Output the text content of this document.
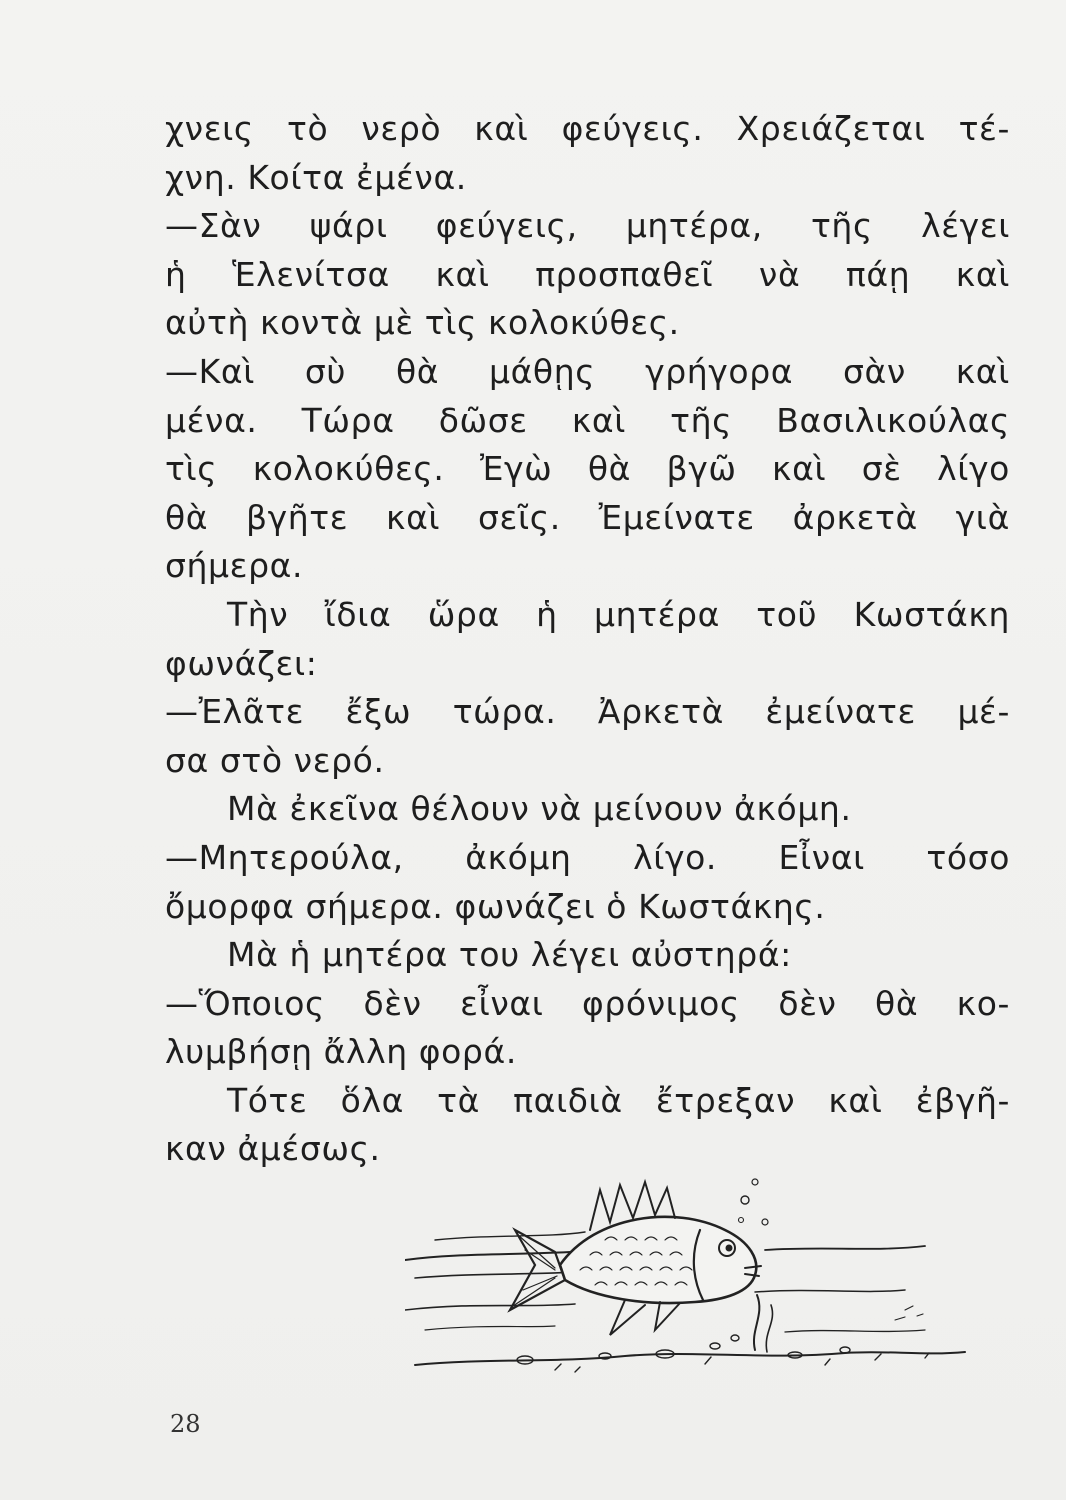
χνεις τὸ νερὸ καὶ φεύγεις. Χρειάζεται τέ-
χνη. Κοίτα ἐμένα.
—Σὰν ψάρι φεύγεις, μητέρα, τῆς λέγει
ἡ Ἑλενίτσα καὶ προσπαθεῖ νὰ πάῃ καὶ
αὐτὴ κοντὰ μὲ τὶς κολοκύθες.
—Καὶ σὺ θὰ μάθῃς γρήγορα σὰν καὶ
μένα. Τώρα δῶσε καὶ τῆς Βασιλικούλας
τὶς κολοκύθες. Ἐγὼ θὰ βγῶ καὶ σὲ λίγο
θὰ βγῆτε καὶ σεῖς. Ἐμείνατε ἀρκετὰ γιὰ
σήμερα.
Τὴν ἴδια ὥρα ἡ μητέρα τοῦ Κωστάκη
φωνάζει:
—Ἐλᾶτε ἔξω τώρα. Ἀρκετὰ ἐμείνατε μέ-
σα στὸ νερό.
Μὰ ἐκεῖνα θέλουν νὰ μείνουν ἀκόμη.
—Μητερούλα, ἀκόμη λίγο. Εἶναι τόσο
ὄμορφα σήμερα. φωνάζει ὁ Κωστάκης.
Μὰ ἡ μητέρα του λέγει αὐστηρά:
—Ὅποιος δὲν εἶναι φρόνιμος δὲν θὰ κο-
λυμβήσῃ ἄλλη φορά.
Τότε ὅλα τὰ παιδιὰ ἔτρεξαν καὶ ἐβγῆ-
καν ἀμέσως.
28
